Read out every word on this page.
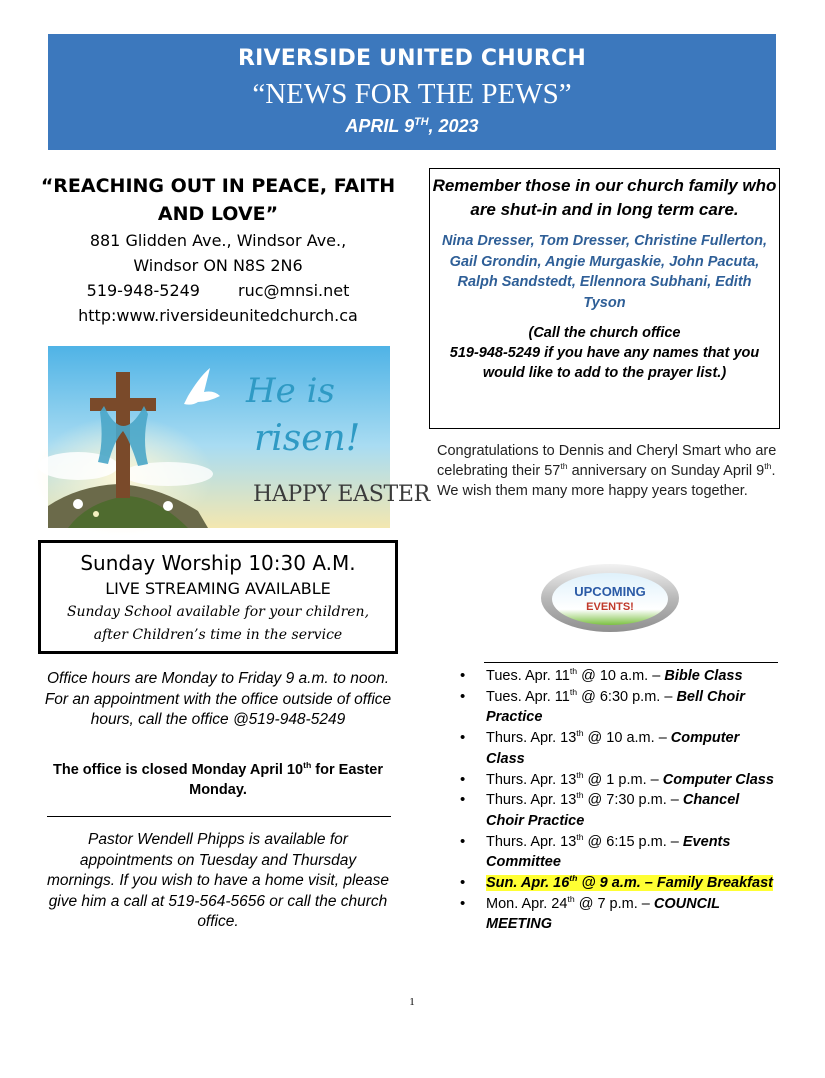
RIVERSIDE UNITED CHURCH
“NEWS FOR THE PEWS”
APRIL 9TH, 2023
“REACHING OUT IN PEACE, FAITH AND LOVE”
881 Glidden Ave., Windsor Ave.,
Windsor ON N8S 2N6
519-948-5249 ruc@mnsi.net
http:www.riversideunitedchurch.ca
He is
risen!
HAPPY EASTER
Sunday Worship 10:30 A.M.
LIVE STREAMING AVAILABLE
Sunday School available for your children,
after Children’s time in the service
Office hours are Monday to Friday 9 a.m. to noon. For an appointment with the office outside of office hours, call the office @519-948-5249
The office is closed Monday April 10th for Easter Monday.
Pastor Wendell Phipps is available for appointments on Tuesday and Thursday mornings. If you wish to have a home visit, please give him a call at 519-564-5656 or call the church office.
Remember those in our church family who are shut-in and in long term care.
Nina Dresser, Tom Dresser, Christine Fullerton, Gail Grondin, Angie Murgaskie, John Pacuta, Ralph Sandstedt, Ellennora Subhani, Edith Tyson
(Call the church office
519-948-5249 if you have any names that you would like to add to the prayer list.)
Congratulations to Dennis and Cheryl Smart who are celebrating their 57th anniversary on Sunday April 9th. We wish them many more happy years together.
UPCOMING
EVENTS!
• Tues. Apr. 11th @ 10 a.m. – Bible Class
• Tues. Apr. 11th @ 6:30 p.m. – Bell Choir Practice
• Thurs. Apr. 13th @ 10 a.m. – Computer Class
• Thurs. Apr. 13th @ 1 p.m. – Computer Class
• Thurs. Apr. 13th @ 7:30 p.m. – Chancel Choir Practice
• Thurs. Apr. 13th @ 6:15 p.m. – Events Committee
• Sun. Apr. 16th @ 9 a.m. – Family Breakfast
• Mon. Apr. 24th @ 7 p.m. – COUNCIL MEETING
1
